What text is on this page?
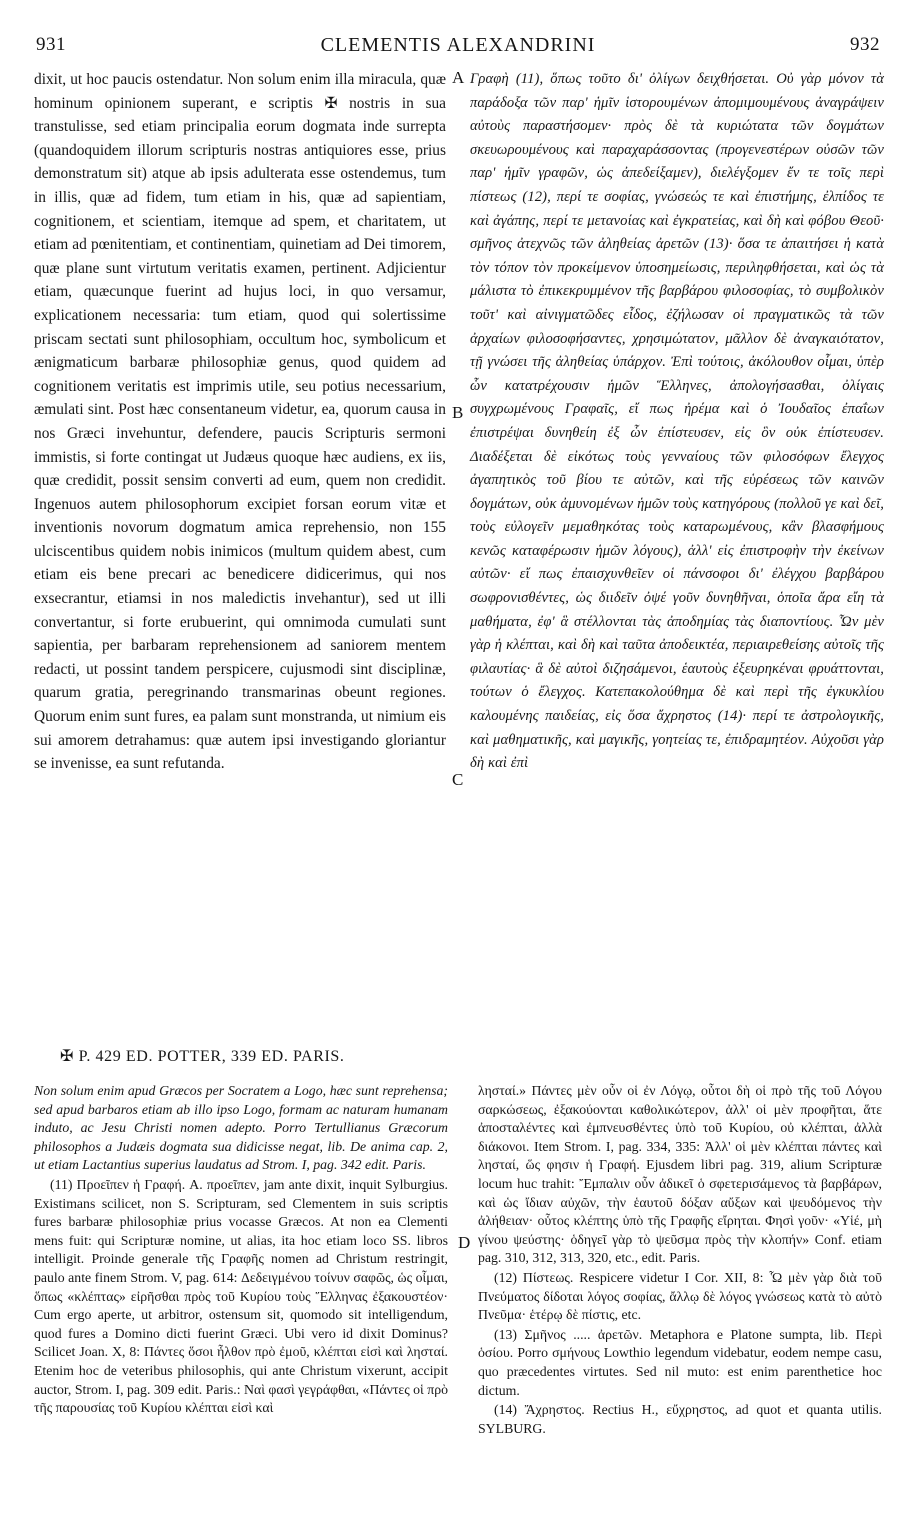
931	CLEMENTIS ALEXANDRINI	932

dixit, ut hoc paucis ostendatur. Non solum enim illa miracula, quæ hominum opinionem superant, e scriptis ✠ nostris in sua transtulisse, sed etiam principalia eorum dogmata inde surrepta (quandoquidem illorum scripturis nostras antiquiores esse, prius demonstratum sit) atque ab ipsis adulterata esse ostendemus, tum in illis, quæ ad fidem, tum etiam in his, quæ ad sapientiam, cognitionem, et scientiam, itemque ad spem, et charitatem, ut etiam ad pœnitentiam, et continentiam, quinetiam ad Dei timorem, quæ plane sunt virtutum veritatis examen, pertinent. Adjicientur etiam, quæcunque fuerint ad hujus loci, in quo versamur, explicationem necessaria: tum etiam, quod qui solertissime priscam sectati sunt philosophiam, occultum hoc, symbolicum et ænigmaticum barbaræ philosophiæ genus, quod quidem ad cognitionem veritatis est imprimis utile, seu potius necessarium, æmulati sint. Post hæc consentaneum videtur, ea, quorum causa in nos Græci invehuntur, defendere, paucis Scripturis sermoni immistis, si forte contingat ut Judæus quoque hæc audiens, ex iis, quæ credidit, possit sensim converti ad eum, quem non credidit. Ingenuos autem philosophorum excipiet forsan eorum vitæ et inventionis novorum dogmatum amica reprehensio, non 155 ulciscentibus quidem nobis inimicos (multum quidem abest, cum etiam eis bene precari ac benedicere didicerimus, qui nos exsecrantur, etiamsi in nos maledictis invehantur), sed ut illi convertantur, si forte erubuerint, qui omnimoda cumulati sunt sapientia, per barbaram reprehensionem ad saniorem mentem redacti, ut possint tandem perspicere, cujusmodi sint disciplinæ, quarum gratia, peregrinando transmarinas obeunt regiones. Quorum enim sunt fures, ea palam sunt monstranda, ut nimium eis sui amorem detrahamus: quæ autem ipsi investigando gloriantur se invenisse, ea sunt refutanda.

A
B
C
D

Γραφὴ (11), ὅπως τοῦτο δι' ὀλίγων δειχθήσεται. Οὐ γὰρ μόνον τὰ παράδοξα τῶν παρ' ἡμῖν ἱστορουμένων ἀπομιμουμένους ἀναγράψειν αὐτοὺς παραστήσομεν· πρὸς δὲ τὰ κυριώτατα τῶν δογμάτων σκευωρουμένους καὶ παραχαράσσοντας (προγενεστέρων οὐσῶν τῶν παρ' ἡμῖν γραφῶν, ὡς ἀπεδείξαμεν), διελέγξομεν ἔν τε τοῖς περὶ πίστεως (12), περί τε σοφίας, γνώσεώς τε καὶ ἐπιστήμης, ἐλπίδος τε καὶ ἀγάπης, περί τε μετανοίας καὶ ἐγκρατείας, καὶ δὴ καὶ φόβου Θεοῦ· σμῆνος ἀτεχνῶς τῶν ἀληθείας ἀρετῶν (13)· ὅσα τε ἀπαιτήσει ἡ κατὰ τὸν τόπον τὸν προκείμενον ὑποσημείωσις, περιληφθήσεται, καὶ ὡς τὰ μάλιστα τὸ ἐπικεκρυμμένον τῆς βαρβάρου φιλοσοφίας, τὸ συμβολικὸν τοῦτ' καὶ αἰνιγματῶδες εἶδος, ἐζήλωσαν οἱ πραγματικῶς τὰ τῶν ἀρχαίων φιλοσοφήσαντες, χρησιμώτατον, μᾶλλον δὲ ἀναγκαιότατον, τῇ γνώσει τῆς ἀληθείας ὑπάρχον. Ἐπὶ τούτοις, ἀκόλουθον οἶμαι, ὑπὲρ ὧν κατατρέχουσιν ἡμῶν Ἕλληνες, ἀπολογήσασθαι, ὀλίγαις συγχρωμένους Γραφαῖς, εἴ πως ἠρέμα καὶ ὁ Ἰουδαῖος ἐπαΐων ἐπιστρέψαι δυνηθείη ἐξ ὧν ἐπίστευσεν, εἰς ὃν οὐκ ἐπίστευσεν. Διαδέξεται δὲ εἰκότως τοὺς γενναίους τῶν φιλοσόφων ἔλεγχος ἀγαπητικὸς τοῦ βίου τε αὐτῶν, καὶ τῆς εὑρέσεως τῶν καινῶν δογμάτων, οὐκ ἀμυνομένων ἡμῶν τοὺς κατηγόρους (πολλοῦ γε καὶ δεῖ, τοὺς εὐλογεῖν μεμαθηκότας τοὺς καταρωμένους, κἂν βλασφήμους κενῶς καταφέρωσιν ἡμῶν λόγους), ἀλλ' εἰς ἐπιστροφὴν τὴν ἐκείνων αὐτῶν· εἴ πως ἐπαισχυνθεῖεν οἱ πάνσοφοι δι' ἐλέγχου βαρβάρου σωφρονισθέντες, ὡς διιδεῖν ὀψέ γοῦν δυνηθῆναι, ὁποῖα ἄρα εἴη τὰ μαθήματα, ἐφ' ἃ στέλλονται τὰς ἀποδημίας τὰς διαποντίους. Ὧν μὲν γὰρ ἡ κλέπται, καὶ δὴ καὶ ταῦτα ἀποδεικτέα, περιαιρεθείσης αὐτοῖς τῆς φιλαυτίας· ἃ δὲ αὐτοὶ διζησάμενοι, ἑαυτοὺς ἐξευρηκέναι φρυάττονται, τούτων ὁ ἔλεγχος. Κατεπακολούθημα δὲ καὶ περὶ τῆς ἐγκυκλίου καλουμένης παιδείας, εἰς ὅσα ἄχρηστος (14)· περί τε ἀστρολογικῆς, καὶ μαθηματικῆς, καὶ μαγικῆς, γοητείας τε, ἐπιδραμητέον. Αὐχοῦσι γὰρ δὴ καὶ ἐπὶ

✠ P. 429 ED. POTTER, 339 ED. PARIS.

Non solum enim apud Græcos per Socratem a Logo, hæc sunt reprehensa; sed apud barbaros etiam ab illo ipso Logo, formam ac naturam humanam induto, ac Jesu Christi nomen adepto. Porro Tertullianus Græcorum philosophos a Judæis dogmata sua didicisse negat, lib. De anima cap. 2, ut etiam Lactantius superius laudatus ad Strom. I, pag. 342 edit. Paris.

(11) Προεῖπεν ἡ Γραφή. A. προεῖπεν, jam ante dixit, inquit Sylburgius. Existimans scilicet, non S. Scripturam, sed Clementem in suis scriptis fures barbaræ philosophiæ prius vocasse Græcos. At non ea Clementi mens fuit: qui Scripturæ nomine, ut alias, ita hoc etiam loco SS. libros intelligit. Proinde generale τῆς Γραφῆς nomen ad Christum restringit, paulo ante finem Strom. V, pag. 614: Δεδειγμένου τοίνυν σαφῶς, ὡς οἶμαι, ὅπως «κλέπτας» εἰρῆσθαι πρὸς τοῦ Κυρίου τοὺς Ἕλληνας ἐξακουστέον· Cum ergo aperte, ut arbitror, ostensum sit, quomodo sit intelligendum, quod fures a Domino dicti fuerint Græci. Ubi vero id dixit Dominus? Scilicet Joan. X, 8: Πάντες ὅσοι ἦλθον πρὸ ἐμοῦ, κλέπται εἰσὶ καὶ λησταί. Etenim hoc de veteribus philosophis, qui ante Christum vixerunt, accipit auctor, Strom. I, pag. 309 edit. Paris.: Ναὶ φασὶ γεγράφθαι, «Πάντες οἱ πρὸ τῆς παρουσίας τοῦ Κυρίου κλέπται εἰσὶ καὶ

λησταί.» Πάντες μὲν οὖν οἱ ἐν Λόγῳ, οὗτοι δὴ οἱ πρὸ τῆς τοῦ Λόγου σαρκώσεως, ἐξακούονται καθολικώτερον, ἀλλ' οἱ μὲν προφῆται, ἅτε ἀποσταλέντες καὶ ἐμπνευσθέντες ὑπὸ τοῦ Κυρίου, οὐ κλέπται, ἀλλὰ διάκονοι. Item Strom. I, pag. 334, 335: Ἀλλ' οἱ μὲν κλέπται πάντες καὶ λησταί, ὥς φησιν ἡ Γραφή. Ejusdem libri pag. 319, alium Scripturæ locum huc trahit: Ἔμπαλιν οὖν ἀδικεῖ ὁ σφετερισάμενος τὰ βαρβάρων, καὶ ὡς ἴδιαν αὐχῶν, τὴν ἑαυτοῦ δόξαν αὔξων καὶ ψευδόμενος τὴν ἀλήθειαν· οὗτος κλέπτης ὑπὸ τῆς Γραφῆς εἴρηται. Φησὶ γοῦν· «Υἱέ, μὴ γίνου ψεύστης· ὁδηγεῖ γὰρ τὸ ψεῦσμα πρὸς τὴν κλοπήν» Conf. etiam pag. 310, 312, 313, 320, etc., edit. Paris.

(12) Πίστεως. Respicere videtur I Cor. XII, 8: Ὧ μὲν γὰρ διὰ τοῦ Πνεύματος δίδοται λόγος σοφίας, ἄλλῳ δὲ λόγος γνώσεως κατὰ τὸ αὐτὸ Πνεῦμα· ἑτέρῳ δὲ πίστις, etc.

(13) Σμῆνος ..... ἀρετῶν. Metaphora e Platone sumpta, lib. Περὶ ὁσίου. Porro σμήνους Lowthio legendum videbatur, eodem nempe casu, quo præcedentes virtutes. Sed nil muto: est enim parenthetice hoc dictum.

(14) Ἄχρηστος. Rectius H., εὔχρηστος, ad quot et quanta utilis. SYLBURG.
